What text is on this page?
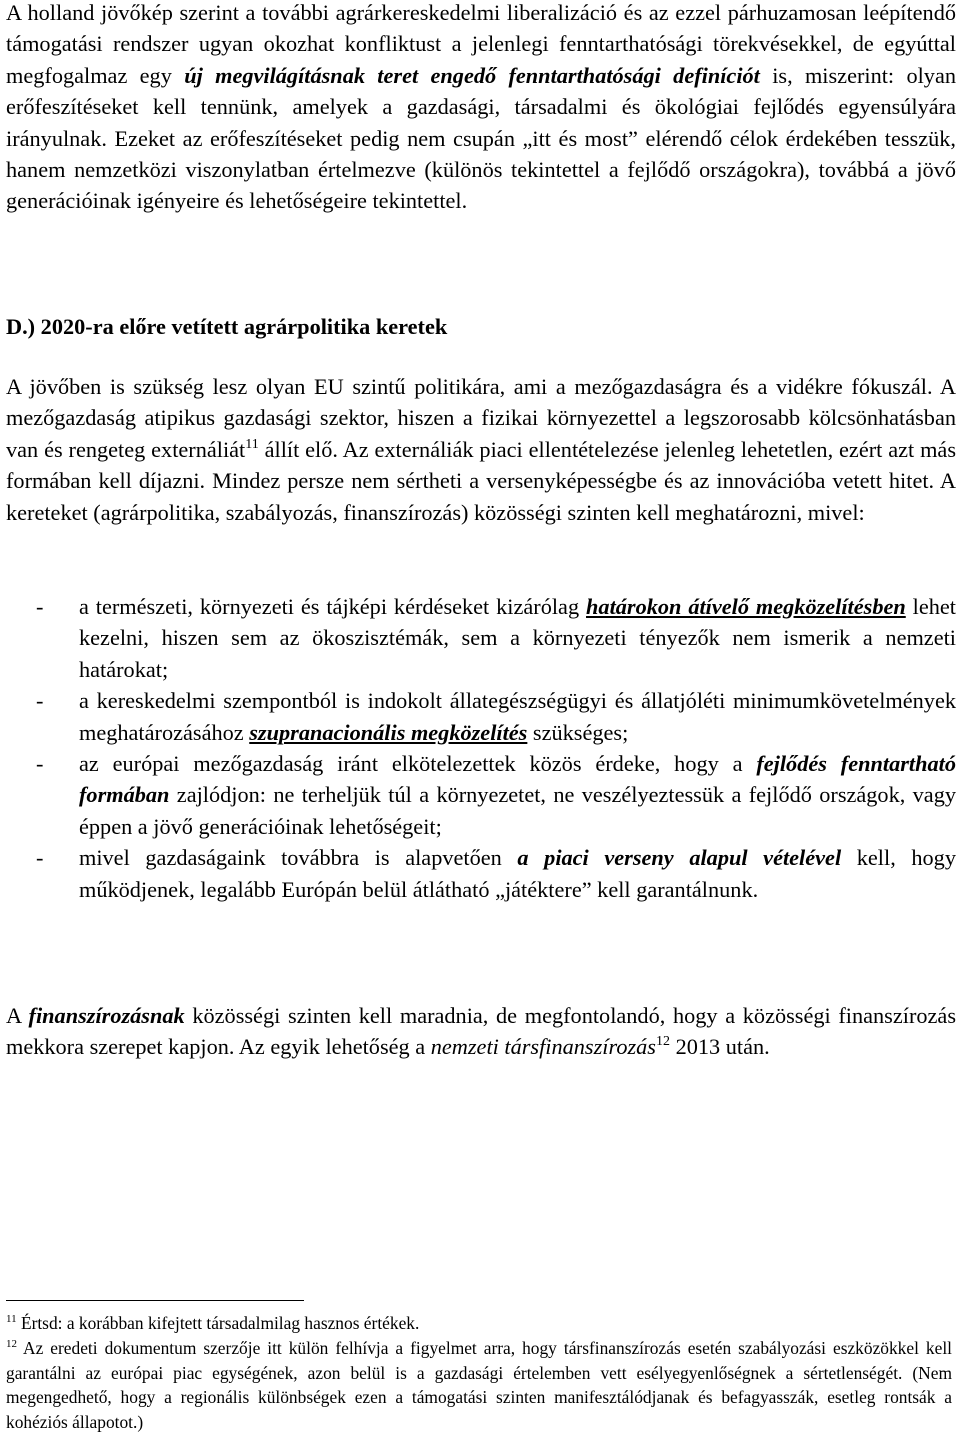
A holland jövőkép szerint a további agrárkereskedelmi liberalizáció és az ezzel párhuzamosan leépítendő támogatási rendszer ugyan okozhat konfliktust a jelenlegi fenntarthatósági törekvésekkel, de egyúttal megfogalmaz egy új megvilágításnak teret engedő fenntarthatósági definíciót is, miszerint: olyan erőfeszítéseket kell tennünk, amelyek a gazdasági, társadalmi és ökológiai fejlődés egyensúlyára irányulnak. Ezeket az erőfeszítéseket pedig nem csupán „itt és most” elérendő célok érdekében tesszük, hanem nemzetközi viszonylatban értelmezve (különös tekintettel a fejlődő országokra), továbbá a jövő generációinak igényeire és lehetőségeire tekintettel.

D.) 2020-ra előre vetített agrárpolitika keretek

A jövőben is szükség lesz olyan EU szintű politikára, ami a mezőgazdaságra és a vidékre fókuszál. A mezőgazdaság atipikus gazdasági szektor, hiszen a fizikai környezettel a legszorosabb kölcsönhatásban van és rengeteg externáliát$^{11}$ állít elő. Az externáliák piaci ellentételezése jelenleg lehetetlen, ezért azt más formában kell díjazni. Mindez persze nem sértheti a versenyképességbe és az innovációba vetett hitet. A kereteket (agrárpolitika, szabályozás, finanszírozás) közösségi szinten kell meghatározni, mivel:

- a természeti, környezeti és tájképi kérdéseket kizárólag határokon átívelő megközelítésben lehet kezelni, hiszen sem az ökoszisztémák, sem a környezeti tényezők nem ismerik a nemzeti határokat;
- a kereskedelmi szempontból is indokolt állategészségügyi és állatjóléti minimumkövetelmények meghatározásához szupranacionális megközelítés szükséges;
- az európai mezőgazdaság iránt elkötelezettek közös érdeke, hogy a fejlődés fenntartható formában zajlódjon: ne terheljük túl a környezetet, ne veszélyeztessük a fejlődő országok, vagy éppen a jövő generációinak lehetőségeit;
- mivel gazdaságaink továbbra is alapvetően a piaci verseny alapul vételével kell, hogy működjenek, legalább Európán belül átlátható „játéktere” kell garantálnunk.

A finanszírozásnak közösségi szinten kell maradnia, de megfontolandó, hogy a közösségi finanszírozás mekkora szerepet kapjon. Az egyik lehetőség a nemzeti társfinanszírozás$^{12}$ 2013 után.

$^{11}$ Értsd: a korábban kifejtett társadalmilag hasznos értékek.

$^{12}$ Az eredeti dokumentum szerzője itt külön felhívja a figyelmet arra, hogy társfinanszírozás esetén szabályozási eszközökkel kell garantálni az európai piac egységének, azon belül is a gazdasági értelemben vett esélyegyenlőségnek a sértetlenségét. (Nem megengedhető, hogy a regionális különbségek ezen a támogatási szinten manifesztálódjanak és befagyasszák, esetleg rontsák a kohéziós állapotot.)
